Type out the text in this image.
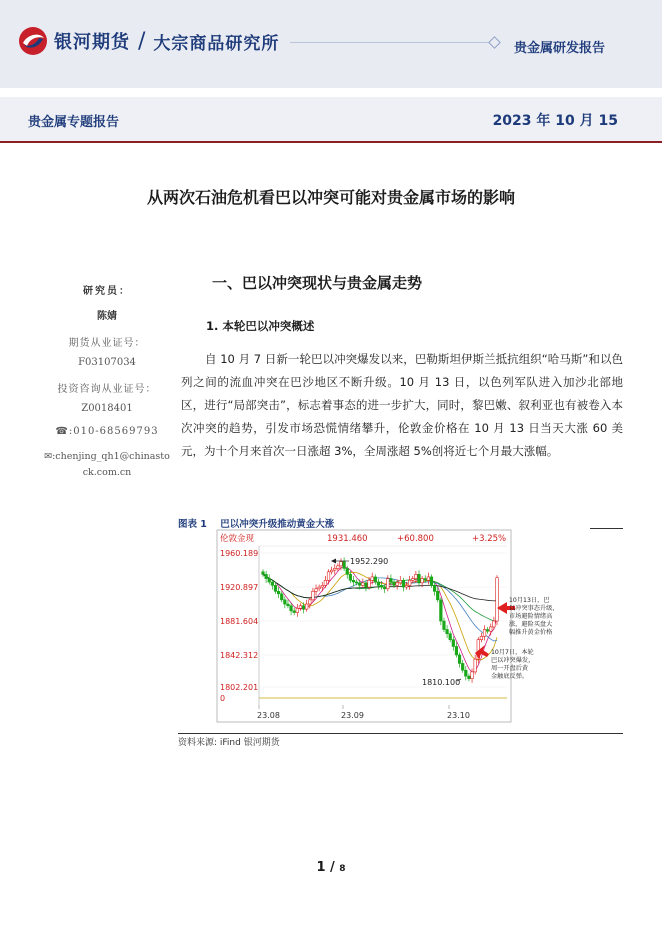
银河期货 / 大宗商品研究所	贵金属研发报告
贵金属专题报告	2023 年 10 月 15
从两次石油危机看巴以冲突可能对贵金属市场的影响
研究员：
陈婧
期货从业证号：
F03107034
投资咨询从业证号：
Z0018401
☎:010-68569793
✉:chenjing_qh1@chinastock.com.cn
一、巴以冲突现状与贵金属走势
1. 本轮巴以冲突概述
自 10 月 7 日新一轮巴以冲突爆发以来，巴勒斯坦伊斯兰抵抗组织“哈马斯”和以色列之间的流血冲突在巴沙地区不断升级。10 月 13 日，以色列军队进入加沙北部地区，进行“局部突击”，标志着事态的进一步扩大，同时，黎巴嫩、叙利亚也有被卷入本次冲突的趋势，引发市场恐慌情绪攀升，伦敦金价格在 10 月 13 日当天大涨 60 美元，为十个月来首次一日涨超 3%，全周涨超 5%创将近七个月最大涨幅。
图表 1 巴以冲突升级推动黄金大涨
伦敦金现	1931.460	+60.800	+3.25%
1960.189
1920.897
1881.604
1842.312
1802.201
0
23.08	23.09	23.10
1952.290
1810.100
10月13日，巴
以冲突事态升级，
市场避险情绪高
涨，避险买盘大
幅推升黄金价格
10月7日，本轮
巴以冲突爆发，
周一开盘后黄
金触底反弹。
资料来源: iFind 银河期货
1 / 8
